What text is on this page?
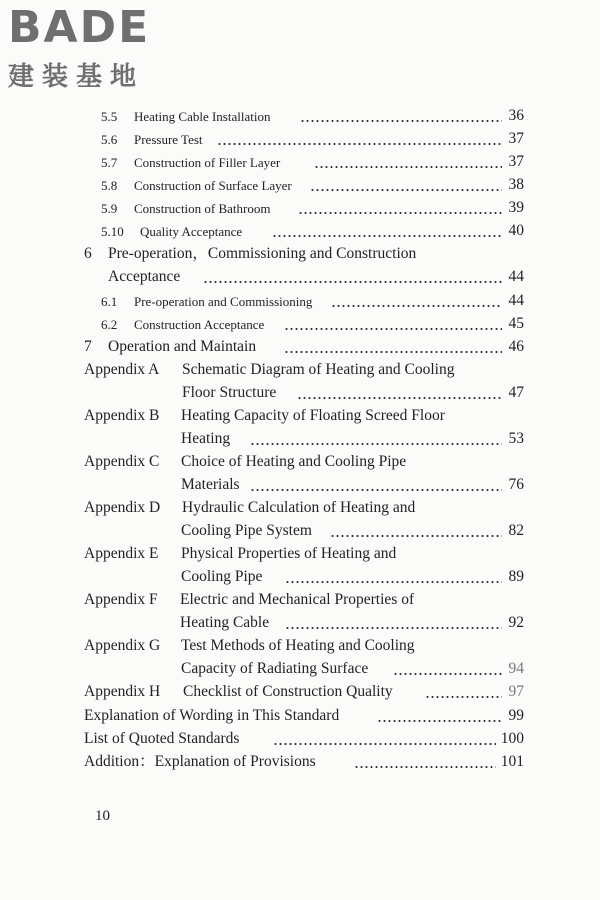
BADE
建装基地
5.5 Heating Cable Installation	36
5.6 Pressure Test	37
5.7 Construction of Filler Layer	37
5.8 Construction of Surface Layer	38
5.9 Construction of Bathroom	39
5.10 Quality Acceptance	40
6 Pre-operation，Commissioning and Construction
Acceptance	44
6.1 Pre-operation and Commissioning	44
6.2 Construction Acceptance	45
7 Operation and Maintain	46
Appendix A Schematic Diagram of Heating and Cooling
Floor Structure	47
Appendix B Heating Capacity of Floating Screed Floor
Heating	53
Appendix C Choice of Heating and Cooling Pipe
Materials	76
Appendix D Hydraulic Calculation of Heating and
Cooling Pipe System	82
Appendix E Physical Properties of Heating and
Cooling Pipe	89
Appendix F Electric and Mechanical Properties of
Heating Cable	92
Appendix G Test Methods of Heating and Cooling
Capacity of Radiating Surface	94
Appendix H Checklist of Construction Quality	97
Explanation of Wording in This Standard	99
List of Quoted Standards	100
Addition：Explanation of Provisions	101
10
